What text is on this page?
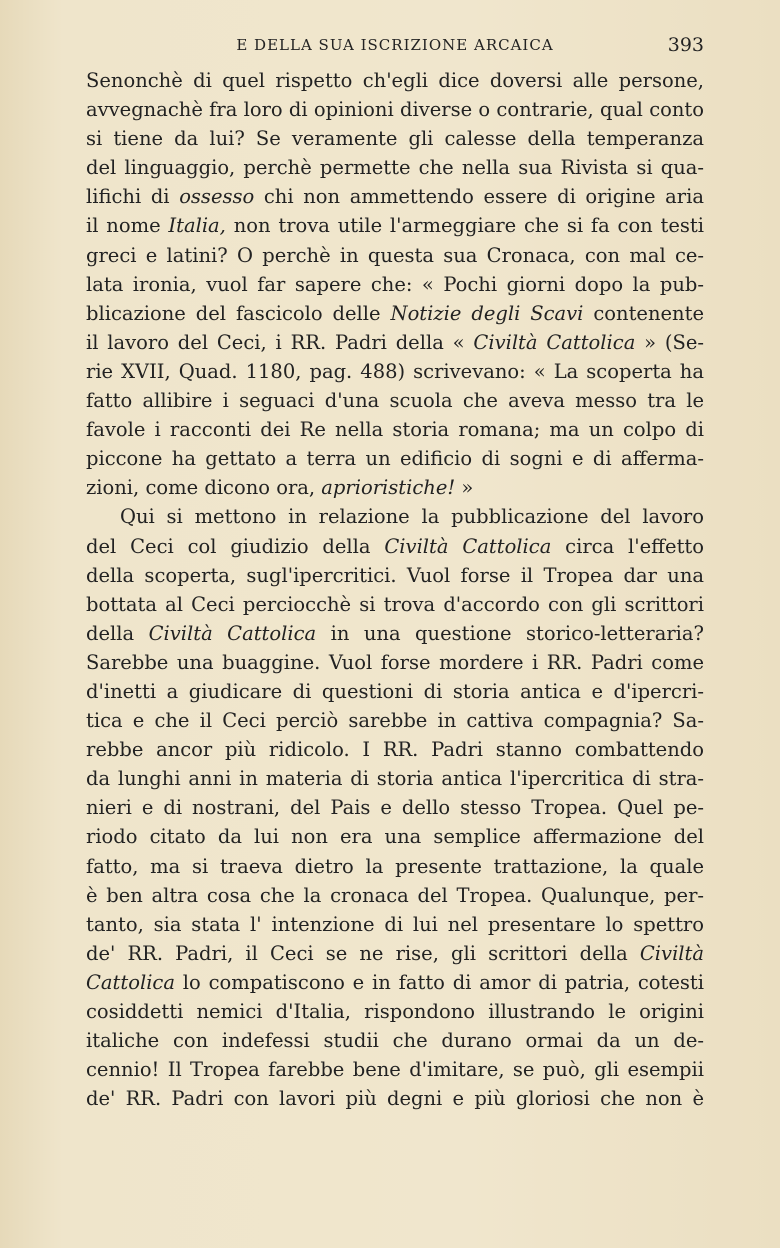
E DELLA SUA ISCRIZIONE ARCAICA	393
Senonchè di quel rispetto ch'egli dice doversi alle persone,
avvegnachè fra loro di opinioni diverse o contrarie, qual conto
si tiene da lui? Se veramente gli calesse della temperanza
del linguaggio, perchè permette che nella sua Rivista si qua-
lifichi di ossesso chi non ammettendo essere di origine aria
il nome Italia, non trova utile l'armeggiare che si fa con testi
greci e latini? O perchè in questa sua Cronaca, con mal ce-
lata ironia, vuol far sapere che: « Pochi giorni dopo la pub-
blicazione del fascicolo delle Notizie degli Scavi contenente
il lavoro del Ceci, i RR. Padri della « Civiltà Cattolica » (Se-
rie XVII, Quad. 1180, pag. 488) scrivevano: « La scoperta ha
fatto allibire i seguaci d'una scuola che aveva messo tra le
favole i racconti dei Re nella storia romana; ma un colpo di
piccone ha gettato a terra un edificio di sogni e di afferma-
zioni, come dicono ora, aprioristiche! »
Qui si mettono in relazione la pubblicazione del lavoro
del Ceci col giudizio della Civiltà Cattolica circa l'effetto
della scoperta, sugl'ipercritici. Vuol forse il Tropea dar una
bottata al Ceci perciocchè si trova d'accordo con gli scrittori
della Civiltà Cattolica in una questione storico-letteraria?
Sarebbe una buaggine. Vuol forse mordere i RR. Padri come
d'inetti a giudicare di questioni di storia antica e d'ipercri-
tica e che il Ceci perciò sarebbe in cattiva compagnia? Sa-
rebbe ancor più ridicolo. I RR. Padri stanno combattendo
da lunghi anni in materia di storia antica l'ipercritica di stra-
nieri e di nostrani, del Pais e dello stesso Tropea. Quel pe-
riodo citato da lui non era una semplice affermazione del
fatto, ma si traeva dietro la presente trattazione, la quale
è ben altra cosa che la cronaca del Tropea. Qualunque, per-
tanto, sia stata l' intenzione di lui nel presentare lo spettro
de' RR. Padri, il Ceci se ne rise, gli scrittori della Civiltà
Cattolica lo compatiscono e in fatto di amor di patria, cotesti
cosiddetti nemici d'Italia, rispondono illustrando le origini
italiche con indefessi studii che durano ormai da un de-
cennio! Il Tropea farebbe bene d'imitare, se può, gli esempii
de' RR. Padri con lavori più degni e più gloriosi che non è
